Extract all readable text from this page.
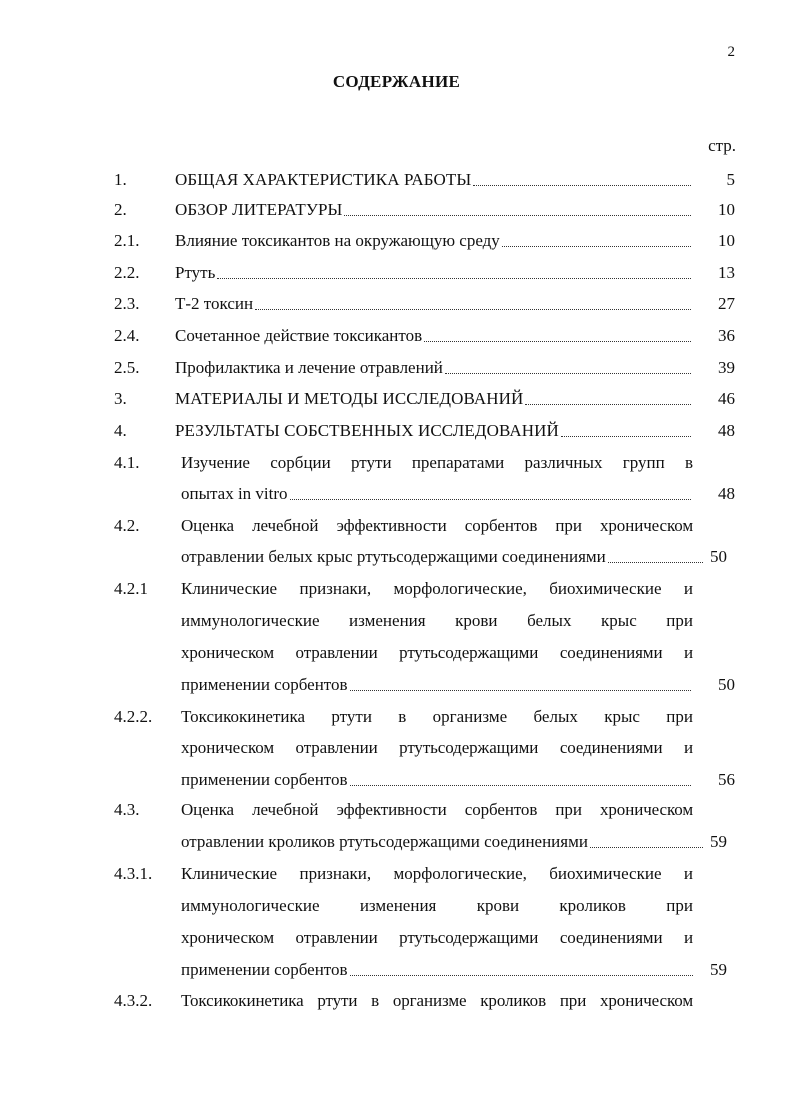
2
СОДЕРЖАНИЕ
стр.
1.	ОБЩАЯ ХАРАКТЕРИСТИКА РАБОТЫ	5
2.	ОБЗОР ЛИТЕРАТУРЫ	10
2.1. Влияние токсикантов на окружающую среду	10
2.2. Ртуть	13
2.3. Т-2 токсин	27
2.4. Сочетанное действие токсикантов	36
2.5. Профилактика и лечение отравлений	39
3.	МАТЕРИАЛЫ И МЕТОДЫ ИССЛЕДОВАНИЙ	46
4.	РЕЗУЛЬТАТЫ СОБСТВЕННЫХ ИССЛЕДОВАНИЙ	48
4.1. Изучение сорбции ртути препаратами различных групп в
опытах in vitro	48
4.2. Оценка лечебной эффективности сорбентов при хроническом
отравлении белых крыс ртутьсодержащими соединениями	50
4.2.1 Клинические признаки, морфологические, биохимические и
иммунологические изменения крови белых крыс при
хроническом отравлении ртутьсодержащими соединениями и
применении сорбентов	50
4.2.2. Токсикокинетика ртути в организме белых крыс при
хроническом отравлении ртутьсодержащими соединениями и
применении сорбентов	56
4.3. Оценка лечебной эффективности сорбентов при хроническом
отравлении кроликов ртутьсодержащими соединениями	59
4.3.1. Клинические признаки, морфологические, биохимические и
иммунологические изменения крови кроликов при
хроническом отравлении ртутьсодержащими соединениями и
применении сорбентов	59
4.3.2. Токсикокинетика ртути в организме кроликов при хроническом
